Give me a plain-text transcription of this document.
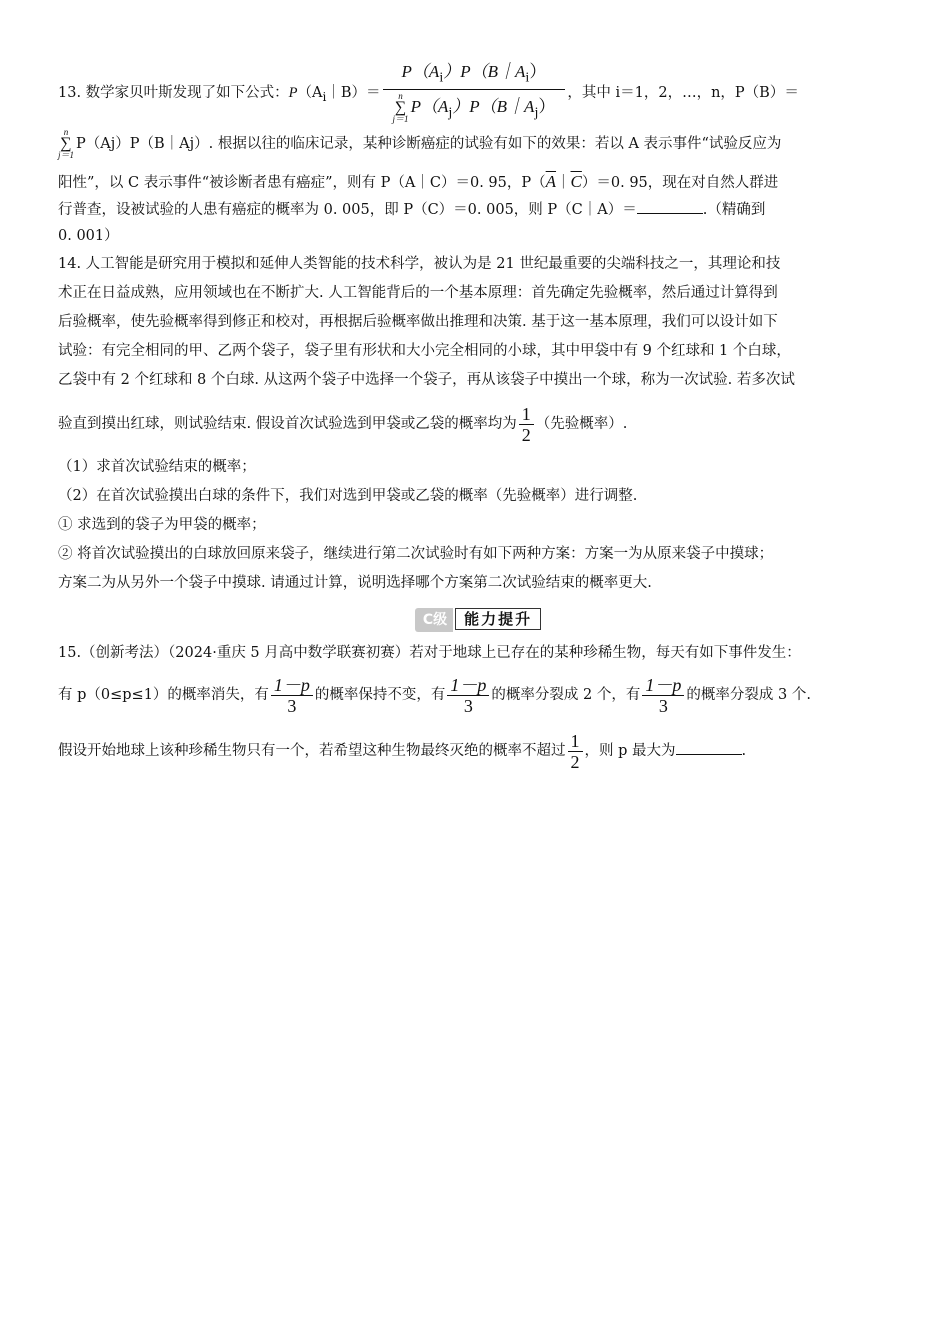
13. 数学家贝叶斯发现了如下公式：$P(A_i|B)=$ $P(A_i)P(B|A_i)$
n
∑
j＝1
$P(A_j)P(B|A_j)$ ，其中 i＝1，2，…，n，P（B）＝

n
∑
j＝1
P（Aj）P（B｜Aj）. 根据以往的临床记录，某种诊断癌症的试验有如下的效果：若以 A 表示事件“试验反应为

阳性”，以 C 表示事件“被诊断者患有癌症”，则有 P（A｜C）＝0. 95，$P(\overline{A}|\overline{C})=0$. 95，现在对自然人群进

行普查，设被试验的人患有癌症的概率为 0. 005，即 P（C）＝0. 005，则 P（C｜A）＝	.（精确到

0. 001）

14. 人工智能是研究用于模拟和延伸人类智能的技术科学，被认为是 21 世纪最重要的尖端科技之一，其理论和技

术正在日益成熟，应用领域也在不断扩大. 人工智能背后的一个基本原理：首先确定先验概率，然后通过计算得到

后验概率，使先验概率得到修正和校对，再根据后验概率做出推理和决策. 基于这一基本原理，我们可以设计如下

试验：有完全相同的甲、乙两个袋子，袋子里有形状和大小完全相同的小球，其中甲袋中有 9 个红球和 1 个白球，

乙袋中有 2 个红球和 8 个白球. 从这两个袋子中选择一个袋子，再从该袋子中摸出一个球，称为一次试验. 若多次试

验直到摸出红球，则试验结束. 假设首次试验选到甲袋或乙袋的概率均为 $\frac{1}{2}$ （先验概率）.

（1）求首次试验结束的概率；

（2）在首次试验摸出白球的条件下，我们对选到甲袋或乙袋的概率（先验概率）进行调整.

① 求选到的袋子为甲袋的概率；

② 将首次试验摸出的白球放回原来袋子，继续进行第二次试验时有如下两种方案：方案一为从原来袋子中摸球；

方案二为从另外一个袋子中摸球. 请通过计算，说明选择哪个方案第二次试验结束的概率更大.

C级 能力提升

15.（创新考法）（2024·重庆 5 月高中数学联赛初赛）若对于地球上已存在的某种珍稀生物，每天有如下事件发生：

有 p（0≤p≤1）的概率消失，有 $\frac{1-p}{3}$ 的概率保持不变，有 $\frac{1-p}{3}$ 的概率分裂成 2 个，有 $\frac{1-p}{3}$ 的概率分裂成 3 个.

假设开始地球上该种珍稀生物只有一个，若希望这种生物最终灭绝的概率不超过 $\frac{1}{2}$ ，则 p 最大为	.
